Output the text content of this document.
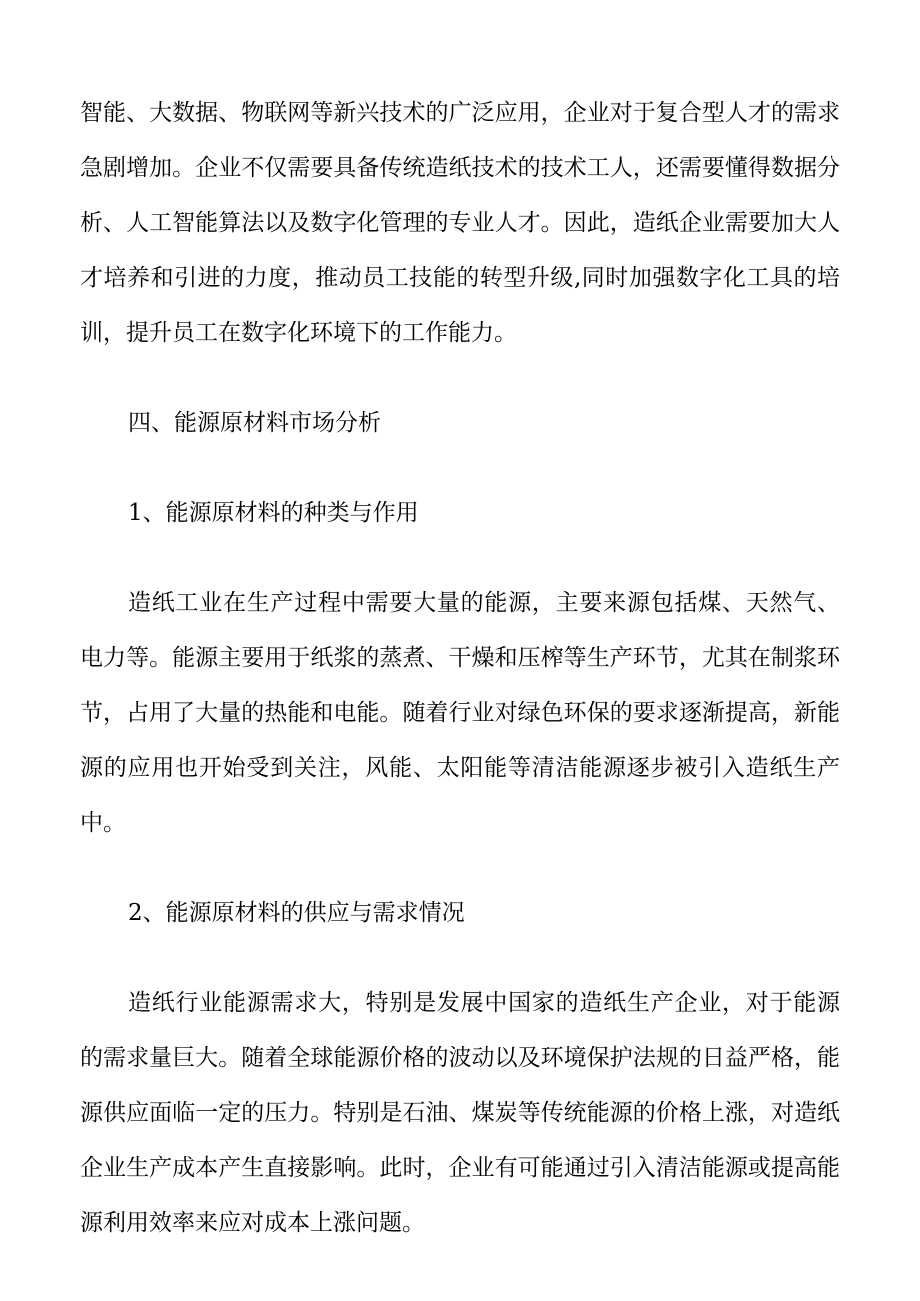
智能、大数据、物联网等新兴技术的广泛应用，企业对于复合型人才的需求急剧增加。企业不仅需要具备传统造纸技术的技术工人，还需要懂得数据分析、人工智能算法以及数字化管理的专业人才。因此，造纸企业需要加大人才培养和引进的力度，推动员工技能的转型升级,同时加强数字化工具的培训，提升员工在数字化环境下的工作能力。

四、能源原材料市场分析

1、能源原材料的种类与作用

造纸工业在生产过程中需要大量的能源，主要来源包括煤、天然气、电力等。能源主要用于纸浆的蒸煮、干燥和压榨等生产环节，尤其在制浆环节，占用了大量的热能和电能。随着行业对绿色环保的要求逐渐提高，新能源的应用也开始受到关注，风能、太阳能等清洁能源逐步被引入造纸生产中。

2、能源原材料的供应与需求情况

造纸行业能源需求大，特别是发展中国家的造纸生产企业，对于能源的需求量巨大。随着全球能源价格的波动以及环境保护法规的日益严格，能源供应面临一定的压力。特别是石油、煤炭等传统能源的价格上涨，对造纸企业生产成本产生直接影响。此时，企业有可能通过引入清洁能源或提高能源利用效率来应对成本上涨问题。
